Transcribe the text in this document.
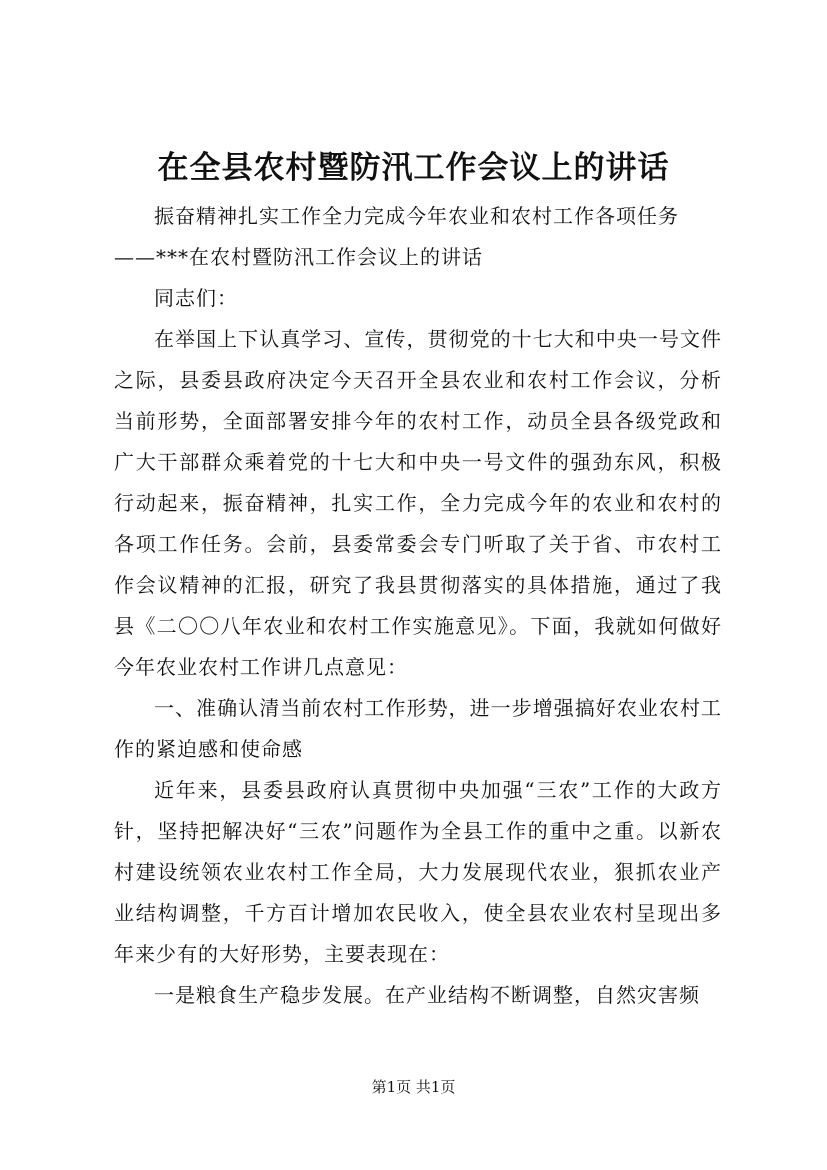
在全县农村暨防汛工作会议上的讲话

振奋精神扎实工作全力完成今年农业和农村工作各项任务

——***在农村暨防汛工作会议上的讲话

同志们：

在举国上下认真学习、宣传，贯彻党的十七大和中央一号文件之际，县委县政府决定今天召开全县农业和农村工作会议，分析当前形势，全面部署安排今年的农村工作，动员全县各级党政和广大干部群众乘着党的十七大和中央一号文件的强劲东风，积极行动起来，振奋精神，扎实工作，全力完成今年的农业和农村的各项工作任务。会前，县委常委会专门听取了关于省、市农村工作会议精神的汇报，研究了我县贯彻落实的具体措施，通过了我县《二〇〇八年农业和农村工作实施意见》。下面，我就如何做好今年农业农村工作讲几点意见：

一、准确认清当前农村工作形势，进一步增强搞好农业农村工作的紧迫感和使命感

近年来，县委县政府认真贯彻中央加强“三农”工作的大政方针，坚持把解决好“三农”问题作为全县工作的重中之重。以新农村建设统领农业农村工作全局，大力发展现代农业，狠抓农业产业结构调整，千方百计增加农民收入，使全县农业农村呈现出多年来少有的大好形势，主要表现在：

一是粮食生产稳步发展。在产业结构不断调整，自然灾害频

第1页 共1页
